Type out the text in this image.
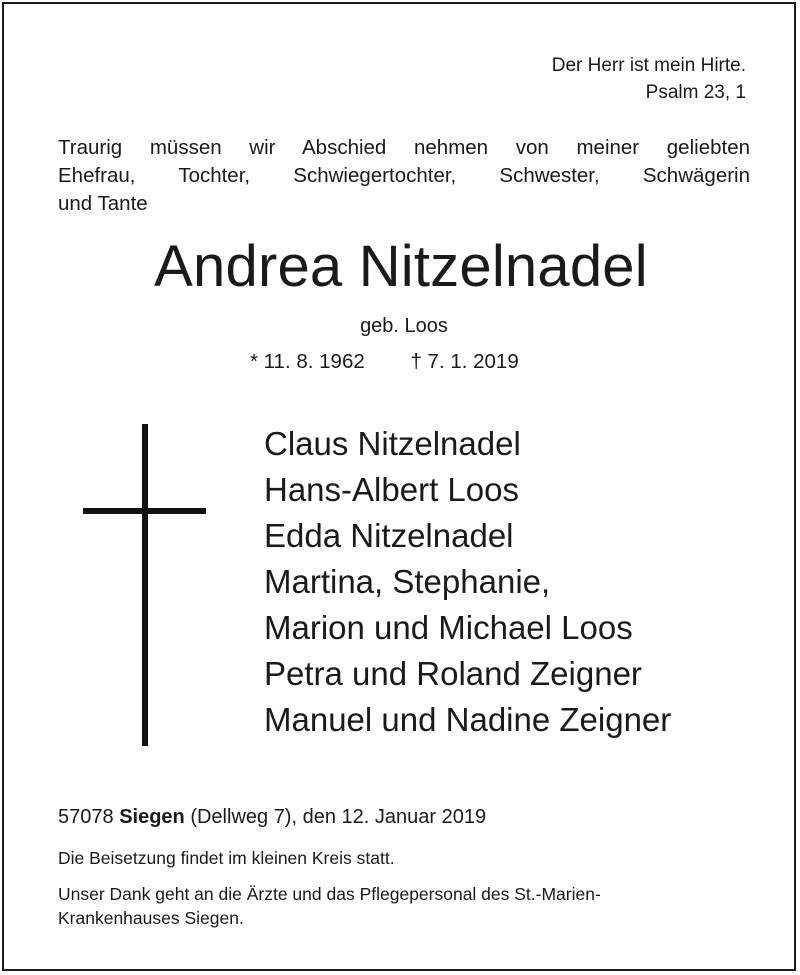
Der Herr ist mein Hirte.
Psalm 23, 1
Traurig müssen wir Abschied nehmen von meiner geliebten
Ehefrau, Tochter, Schwiegertochter, Schwester, Schwägerin
und Tante
Andrea Nitzelnadel
geb. Loos
* 11. 8. 1962 † 7. 1. 2019
Claus Nitzelnadel
Hans-Albert Loos
Edda Nitzelnadel
Martina, Stephanie,
Marion und Michael Loos
Petra und Roland Zeigner
Manuel und Nadine Zeigner
57078 Siegen (Dellweg 7), den 12. Januar 2019
Die Beisetzung findet im kleinen Kreis statt.
Unser Dank geht an die Ärzte und das Pflegepersonal des St.-Marien-
Krankenhauses Siegen.
